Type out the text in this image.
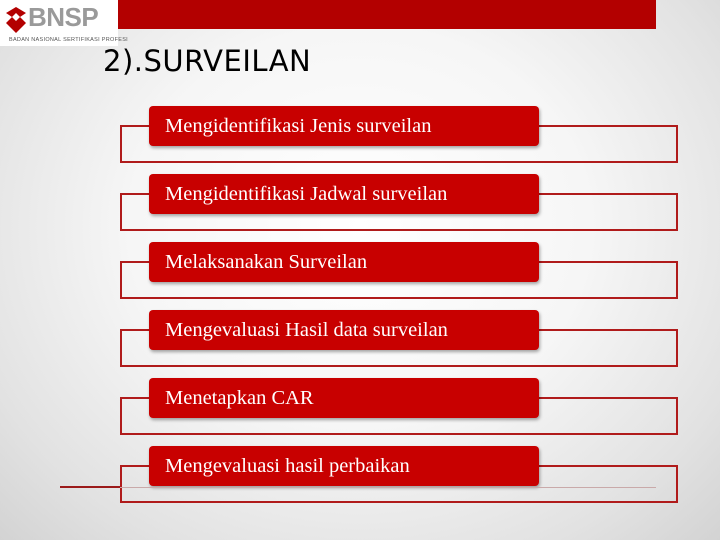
BNSP
BADAN NASIONAL SERTIFIKASI PROFESI
2).SURVEILAN
Mengidentifikasi Jenis surveilan
Mengidentifikasi Jadwal surveilan
Melaksanakan Surveilan
Mengevaluasi Hasil data surveilan
Menetapkan CAR
Mengevaluasi hasil perbaikan
